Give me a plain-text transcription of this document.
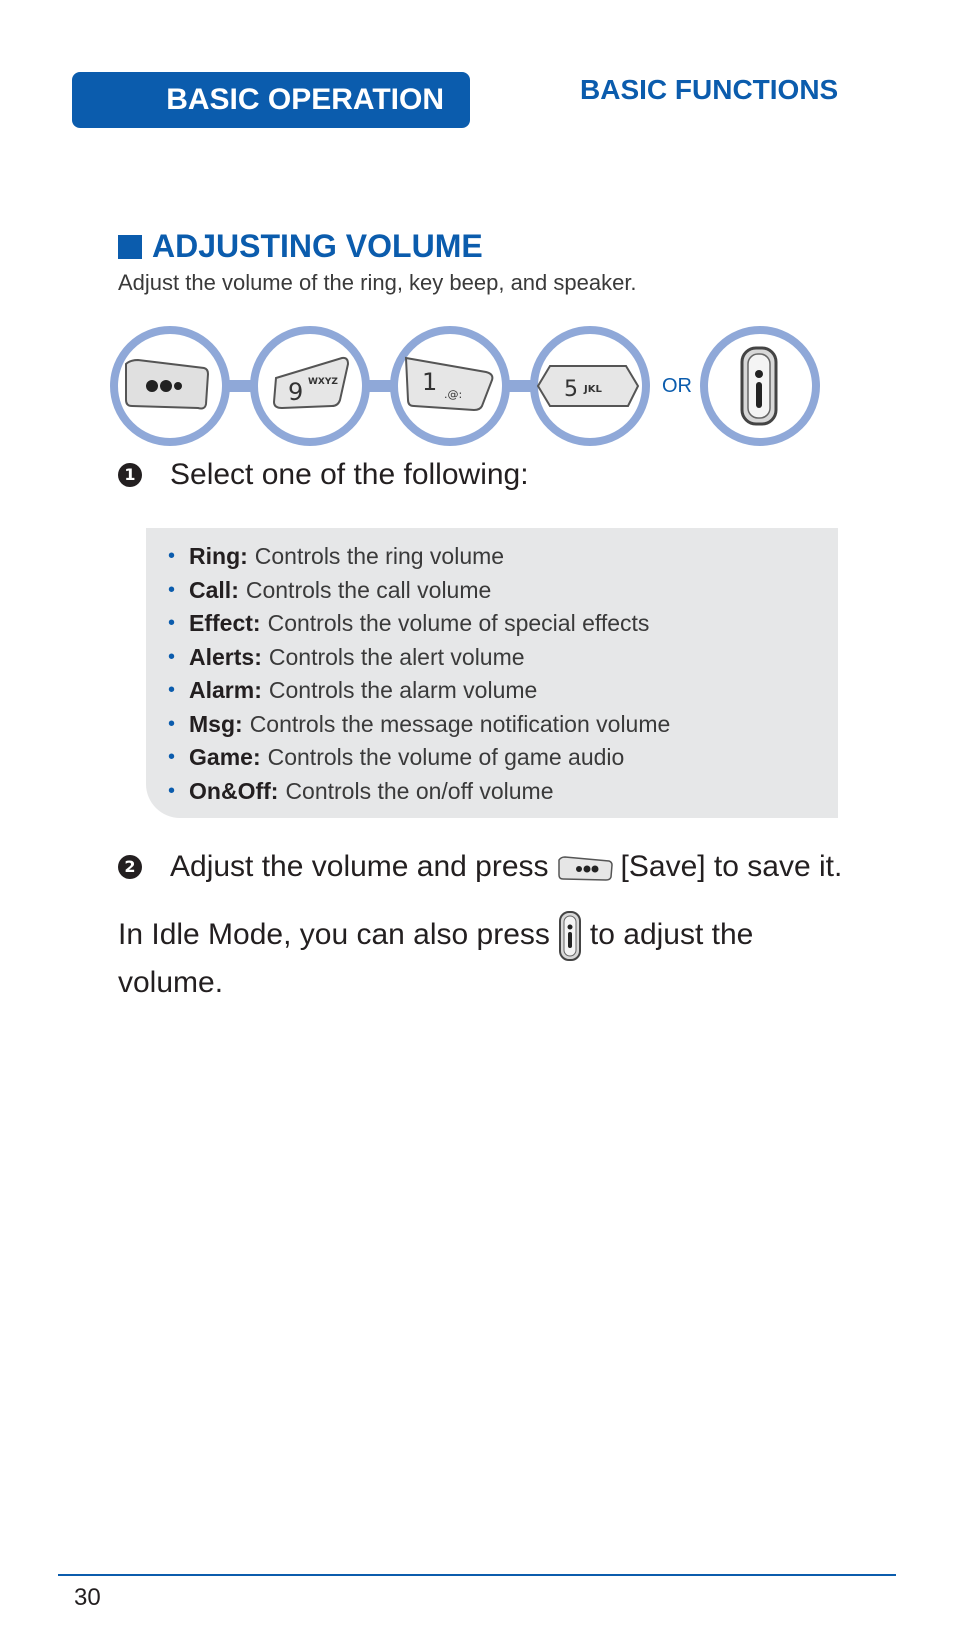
BASIC OPERATION	BASIC FUNCTIONS
ADJUSTING VOLUME
Adjust the volume of the ring, key beep, and speaker.
9 WXYZ	1 .@:	5 JKL	OR
1 Select one of the following:
• Ring: Controls the ring volume
• Call: Controls the call volume
• Effect: Controls the volume of special effects
• Alerts: Controls the alert volume
• Alarm: Controls the alarm volume
• Msg: Controls the message notification volume
• Game: Controls the volume of game audio
• On&Off: Controls the on/off volume
2 Adjust the volume and press [Save] to save it.
In Idle Mode, you can also press to adjust the volume.
30
